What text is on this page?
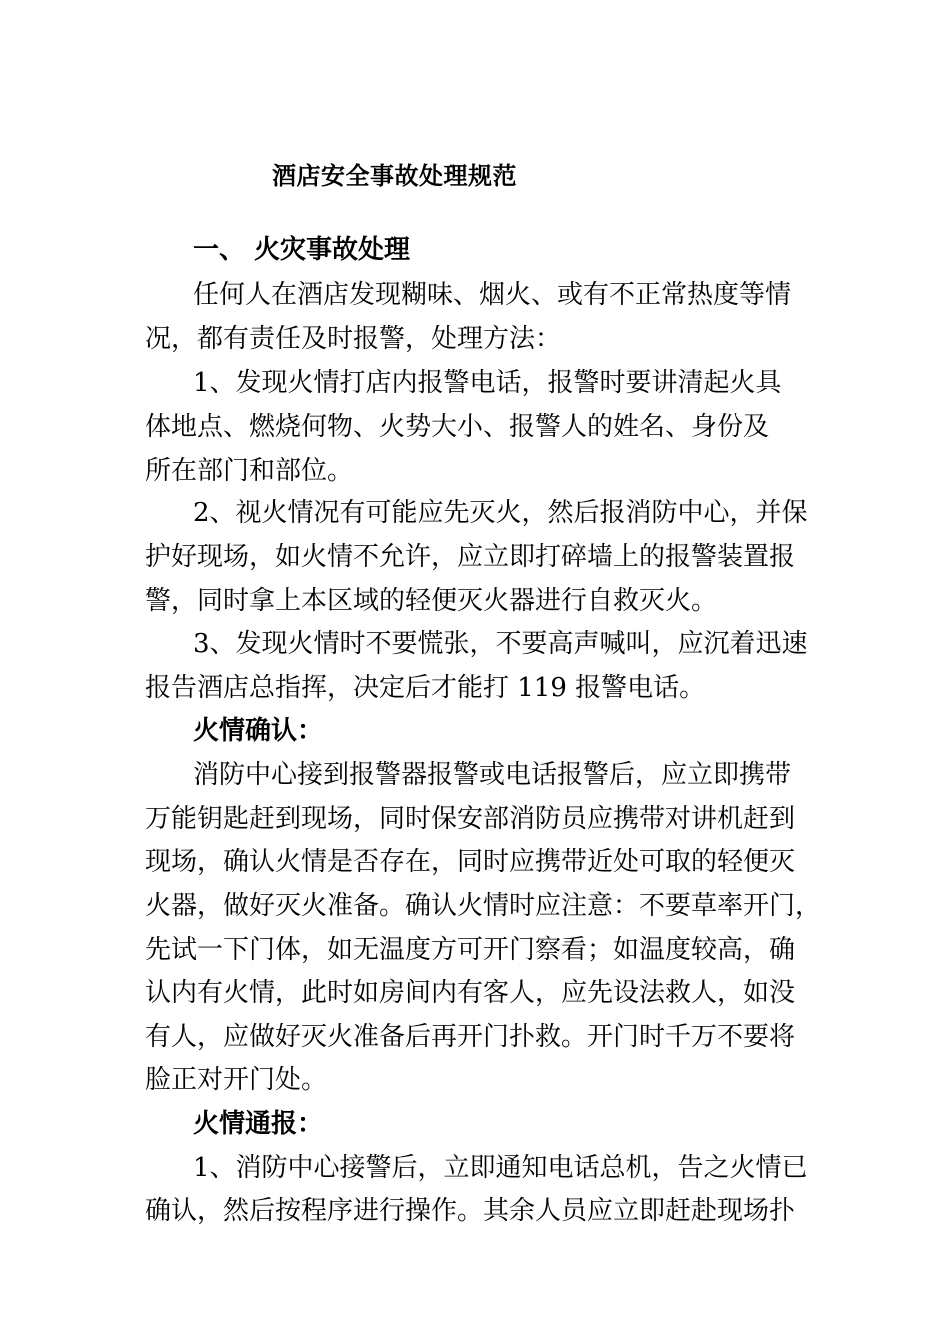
酒店安全事故处理规范
一、 火灾事故处理
任何人在酒店发现糊味、烟火、或有不正常热度等情
况，都有责任及时报警，处理方法：
1、发现火情打店内报警电话，报警时要讲清起火具
体地点、燃烧何物、火势大小、报警人的姓名、身份及
所在部门和部位。
2、视火情况有可能应先灭火，然后报消防中心，并保
护好现场，如火情不允许，应立即打碎墙上的报警装置报
警，同时拿上本区域的轻便灭火器进行自救灭火。
3、发现火情时不要慌张，不要高声喊叫，应沉着迅速
报告酒店总指挥，决定后才能打 119 报警电话。
火情确认：
消防中心接到报警器报警或电话报警后，应立即携带
万能钥匙赶到现场，同时保安部消防员应携带对讲机赶到
现场，确认火情是否存在，同时应携带近处可取的轻便灭
火器，做好灭火准备。确认火情时应注意：不要草率开门，
先试一下门体，如无温度方可开门察看；如温度较高，确
认内有火情，此时如房间内有客人，应先设法救人，如没
有人，应做好灭火准备后再开门扑救。开门时千万不要将
脸正对开门处。
火情通报：
1、消防中心接警后，立即通知电话总机，告之火情已
确认，然后按程序进行操作。其余人员应立即赶赴现场扑
